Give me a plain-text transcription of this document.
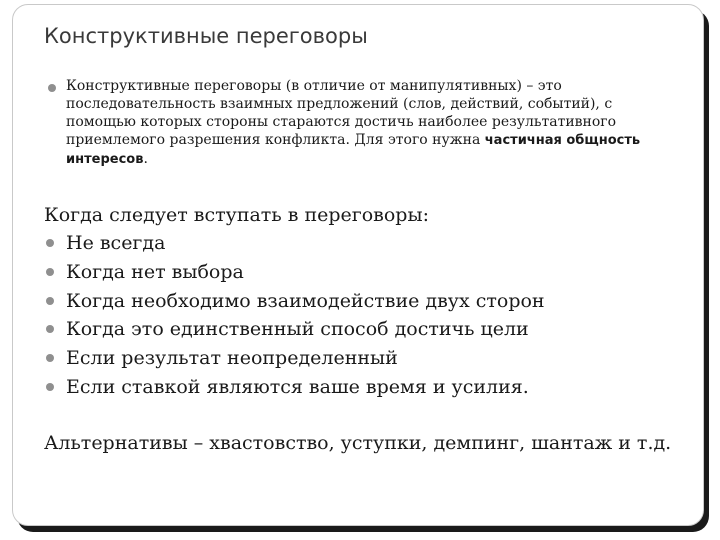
Конструктивные переговоры
Конструктивные переговоры (в отличие от манипулятивных) – это последовательность взаимных предложений (слов, действий, событий), с помощью которых стороны стараются достичь наиболее результативного приемлемого разрешения конфликта. Для этого нужна частичная общность интересов.
Когда следует вступать в переговоры:
Не всегда
Когда нет выбора
Когда необходимо взаимодействие двух сторон
Когда это единственный способ достичь цели
Если результат неопределенный
Если ставкой являются ваше время и усилия.
Альтернативы – хвастовство, уступки, демпинг, шантаж и т.д.
